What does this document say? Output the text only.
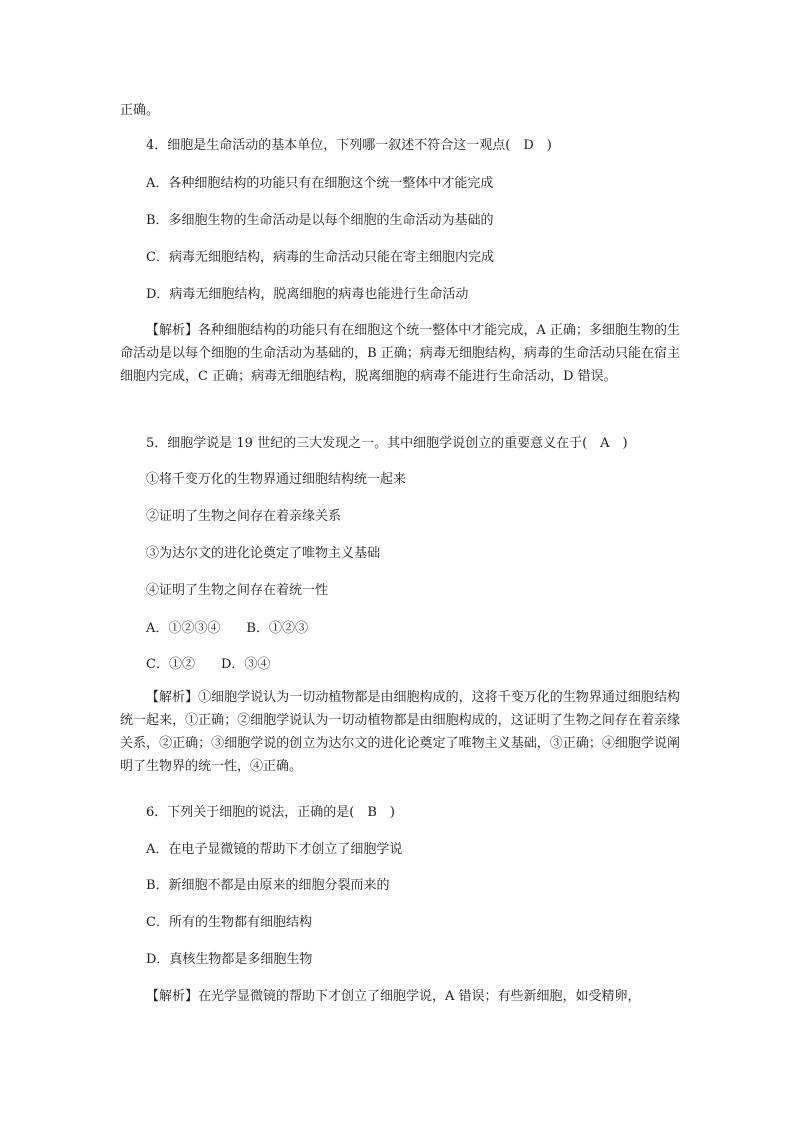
正确。
4．细胞是生命活动的基本单位，下列哪一叙述不符合这一观点(　D　)
A．各种细胞结构的功能只有在细胞这个统一整体中才能完成
B．多细胞生物的生命活动是以每个细胞的生命活动为基础的
C．病毒无细胞结构，病毒的生命活动只能在寄主细胞内完成
D．病毒无细胞结构，脱离细胞的病毒也能进行生命活动
【解析】各种细胞结构的功能只有在细胞这个统一整体中才能完成，A 正确；多细胞生物的生命活动是以每个细胞的生命活动为基础的，B 正确；病毒无细胞结构，病毒的生命活动只能在宿主细胞内完成，C 正确；病毒无细胞结构，脱离细胞的病毒不能进行生命活动，D 错误。
5．细胞学说是 19 世纪的三大发现之一。其中细胞学说创立的重要意义在于(　A　)
①将千变万化的生物界通过细胞结构统一起来
②证明了生物之间存在着亲缘关系
③为达尔文的进化论奠定了唯物主义基础
④证明了生物之间存在着统一性
A．①②③④　　B．①②③
C．①②　　D．③④
【解析】①细胞学说认为一切动植物都是由细胞构成的，这将千变万化的生物界通过细胞结构统一起来，①正确；②细胞学说认为一切动植物都是由细胞构成的，这证明了生物之间存在着亲缘关系，②正确；③细胞学说的创立为达尔文的进化论奠定了唯物主义基础，③正确；④细胞学说阐明了生物界的统一性，④正确。
6．下列关于细胞的说法，正确的是(　B　)
A．在电子显微镜的帮助下才创立了细胞学说
B．新细胞不都是由原来的细胞分裂而来的
C．所有的生物都有细胞结构
D．真核生物都是多细胞生物
【解析】在光学显微镜的帮助下才创立了细胞学说，A 错误；有些新细胞，如受精卵，
